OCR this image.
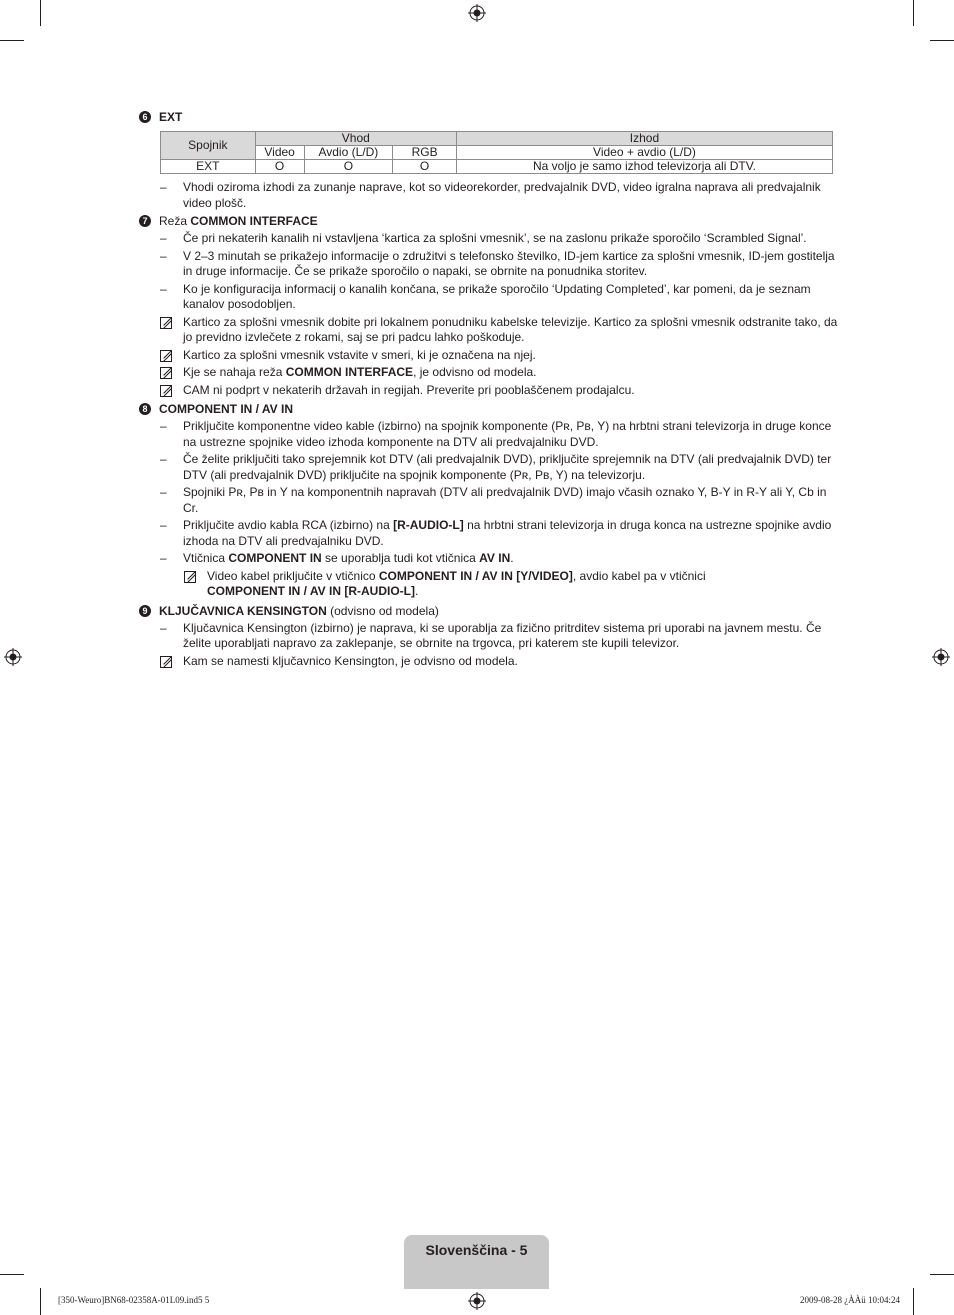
6 EXT
Spojnik	Vhod			Izhod
	Video	Avdio (L/D)	RGB	Video + avdio (L/D)
EXT	O	O	O	Na voljo je samo izhod televizorja ali DTV.
–	Vhodi oziroma izhodi za zunanje naprave, kot so videorekorder, predvajalnik DVD, video igralna naprava ali predvajalnik video plošč.
7 Reža COMMON INTERFACE
–	Če pri nekaterih kanalih ni vstavljena ‘kartica za splošni vmesnik’, se na zaslonu prikaže sporočilo ‘Scrambled Signal’.
–	V 2–3 minutah se prikažejo informacije o združitvi s telefonsko številko, ID-jem kartice za splošni vmesnik, ID-jem gostitelja in druge informacije. Če se prikaže sporočilo o napaki, se obrnite na ponudnika storitev.
–	Ko je konfiguracija informacij o kanalih končana, se prikaže sporočilo ‘Updating Completed’, kar pomeni, da je seznam kanalov posodobljen.
Kartico za splošni vmesnik dobite pri lokalnem ponudniku kabelske televizije. Kartico za splošni vmesnik odstranite tako, da jo previdno izvlečete z rokami, saj se pri padcu lahko poškoduje.
Kartico za splošni vmesnik vstavite v smeri, ki je označena na njej.
Kje se nahaja reža COMMON INTERFACE, je odvisno od modela.
CAM ni podprt v nekaterih državah in regijah. Preverite pri pooblaščenem prodajalcu.
8 COMPONENT IN / AV IN
–	Priključite komponentne video kable (izbirno) na spojnik komponente (Pʀ, Pʙ, Y) na hrbtni strani televizorja in druge konce na ustrezne spojnike video izhoda komponente na DTV ali predvajalniku DVD.
–	Če želite priključiti tako sprejemnik kot DTV (ali predvajalnik DVD), priključite sprejemnik na DTV (ali predvajalnik DVD) ter DTV (ali predvajalnik DVD) priključite na spojnik komponente (Pʀ, Pʙ, Y) na televizorju.
–	Spojniki Pʀ, Pʙ in Y na komponentnih napravah (DTV ali predvajalnik DVD) imajo včasih oznako Y, B-Y in R-Y ali Y, Cb in Cr.
–	Priključite avdio kabla RCA (izbirno) na [R-AUDIO-L] na hrbtni strani televizorja in druga konca na ustrezne spojnike avdio izhoda na DTV ali predvajalniku DVD.
–	Vtičnica COMPONENT IN se uporablja tudi kot vtičnica AV IN.
Video kabel priključite v vtičnico COMPONENT IN / AV IN [Y/VIDEO], avdio kabel pa v vtičnici
COMPONENT IN / AV IN [R-AUDIO-L].
9 KLJUČAVNICA KENSINGTON (odvisno od modela)
–	Ključavnica Kensington (izbirno) je naprava, ki se uporablja za fizično pritrditev sistema pri uporabi na javnem mestu. Če želite uporabljati napravo za zaklepanje, se obrnite na trgovca, pri katerem ste kupili televizor.
Kam se namesti ključavnico Kensington, je odvisno od modela.
Slovenščina - 5
[350-Weuro]BN68-02358A-01L09.ind5 5	2009-08-28 ¿ÀÀü 10:04:24
